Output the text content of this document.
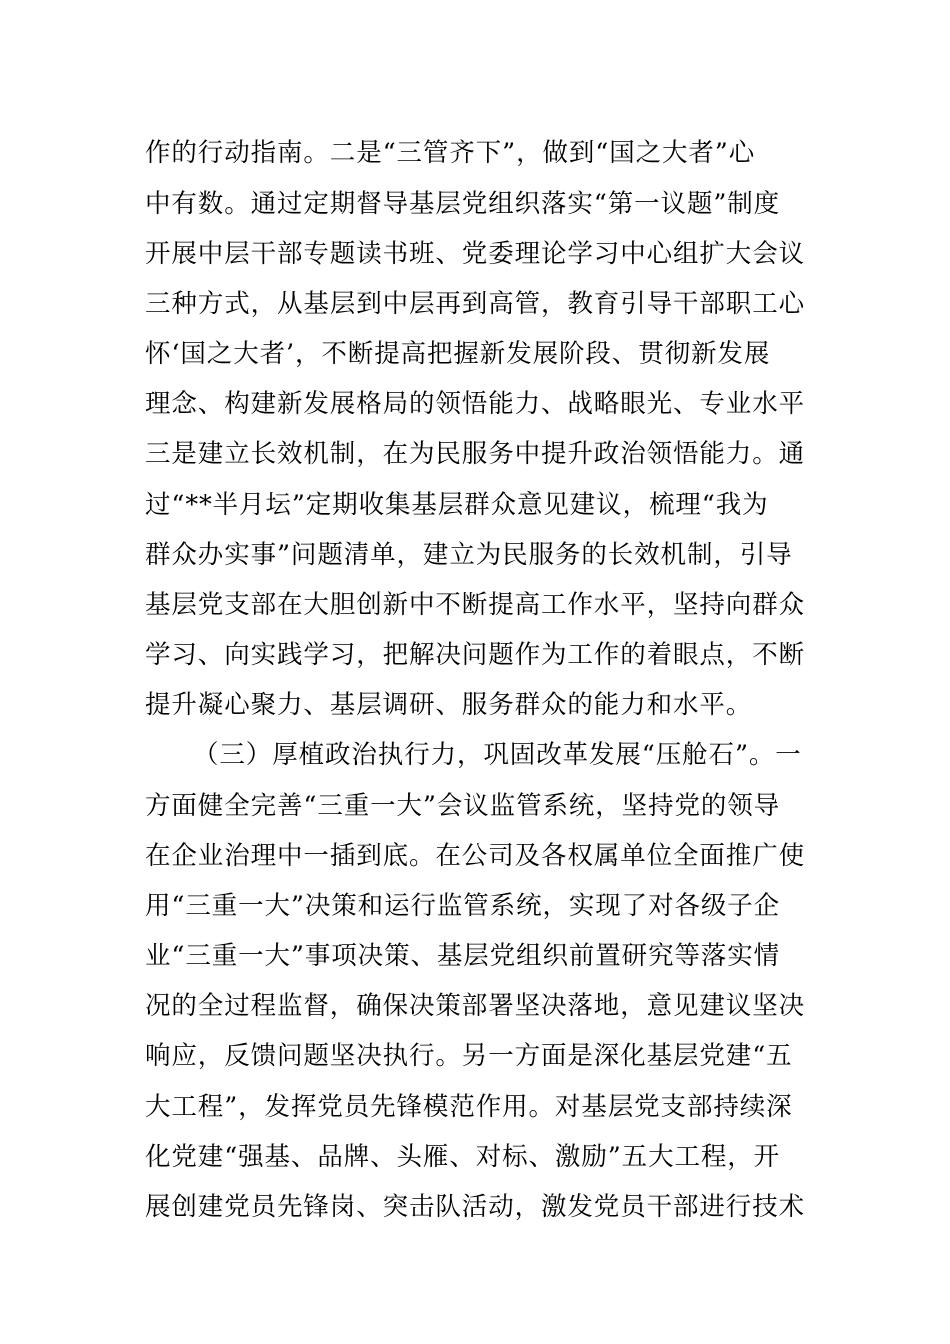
作的行动指南。二是“三管齐下”，做到“国之大者”心
中有数。通过定期督导基层党组织落实“第一议题”制度
开展中层干部专题读书班、党委理论学习中心组扩大会议
三种方式，从基层到中层再到高管，教育引导干部职工心
怀‘国之大者’，不断提高把握新发展阶段、贯彻新发展
理念、构建新发展格局的领悟能力、战略眼光、专业水平
三是建立长效机制，在为民服务中提升政治领悟能力。通
过“**半月坛”定期收集基层群众意见建议，梳理“我为
群众办实事”问题清单，建立为民服务的长效机制，引导
基层党支部在大胆创新中不断提高工作水平，坚持向群众
学习、向实践学习，把解决问题作为工作的着眼点，不断
提升凝心聚力、基层调研、服务群众的能力和水平。
（三）厚植政治执行力，巩固改革发展“压舱石”。一
方面健全完善“三重一大”会议监管系统，坚持党的领导
在企业治理中一插到底。在公司及各权属单位全面推广使
用“三重一大”决策和运行监管系统，实现了对各级子企
业“三重一大”事项决策、基层党组织前置研究等落实情
况的全过程监督，确保决策部署坚决落地，意见建议坚决
响应，反馈问题坚决执行。另一方面是深化基层党建“五
大工程”，发挥党员先锋模范作用。对基层党支部持续深
化党建“强基、品牌、头雁、对标、激励”五大工程，开
展创建党员先锋岗、突击队活动，激发党员干部进行技术
